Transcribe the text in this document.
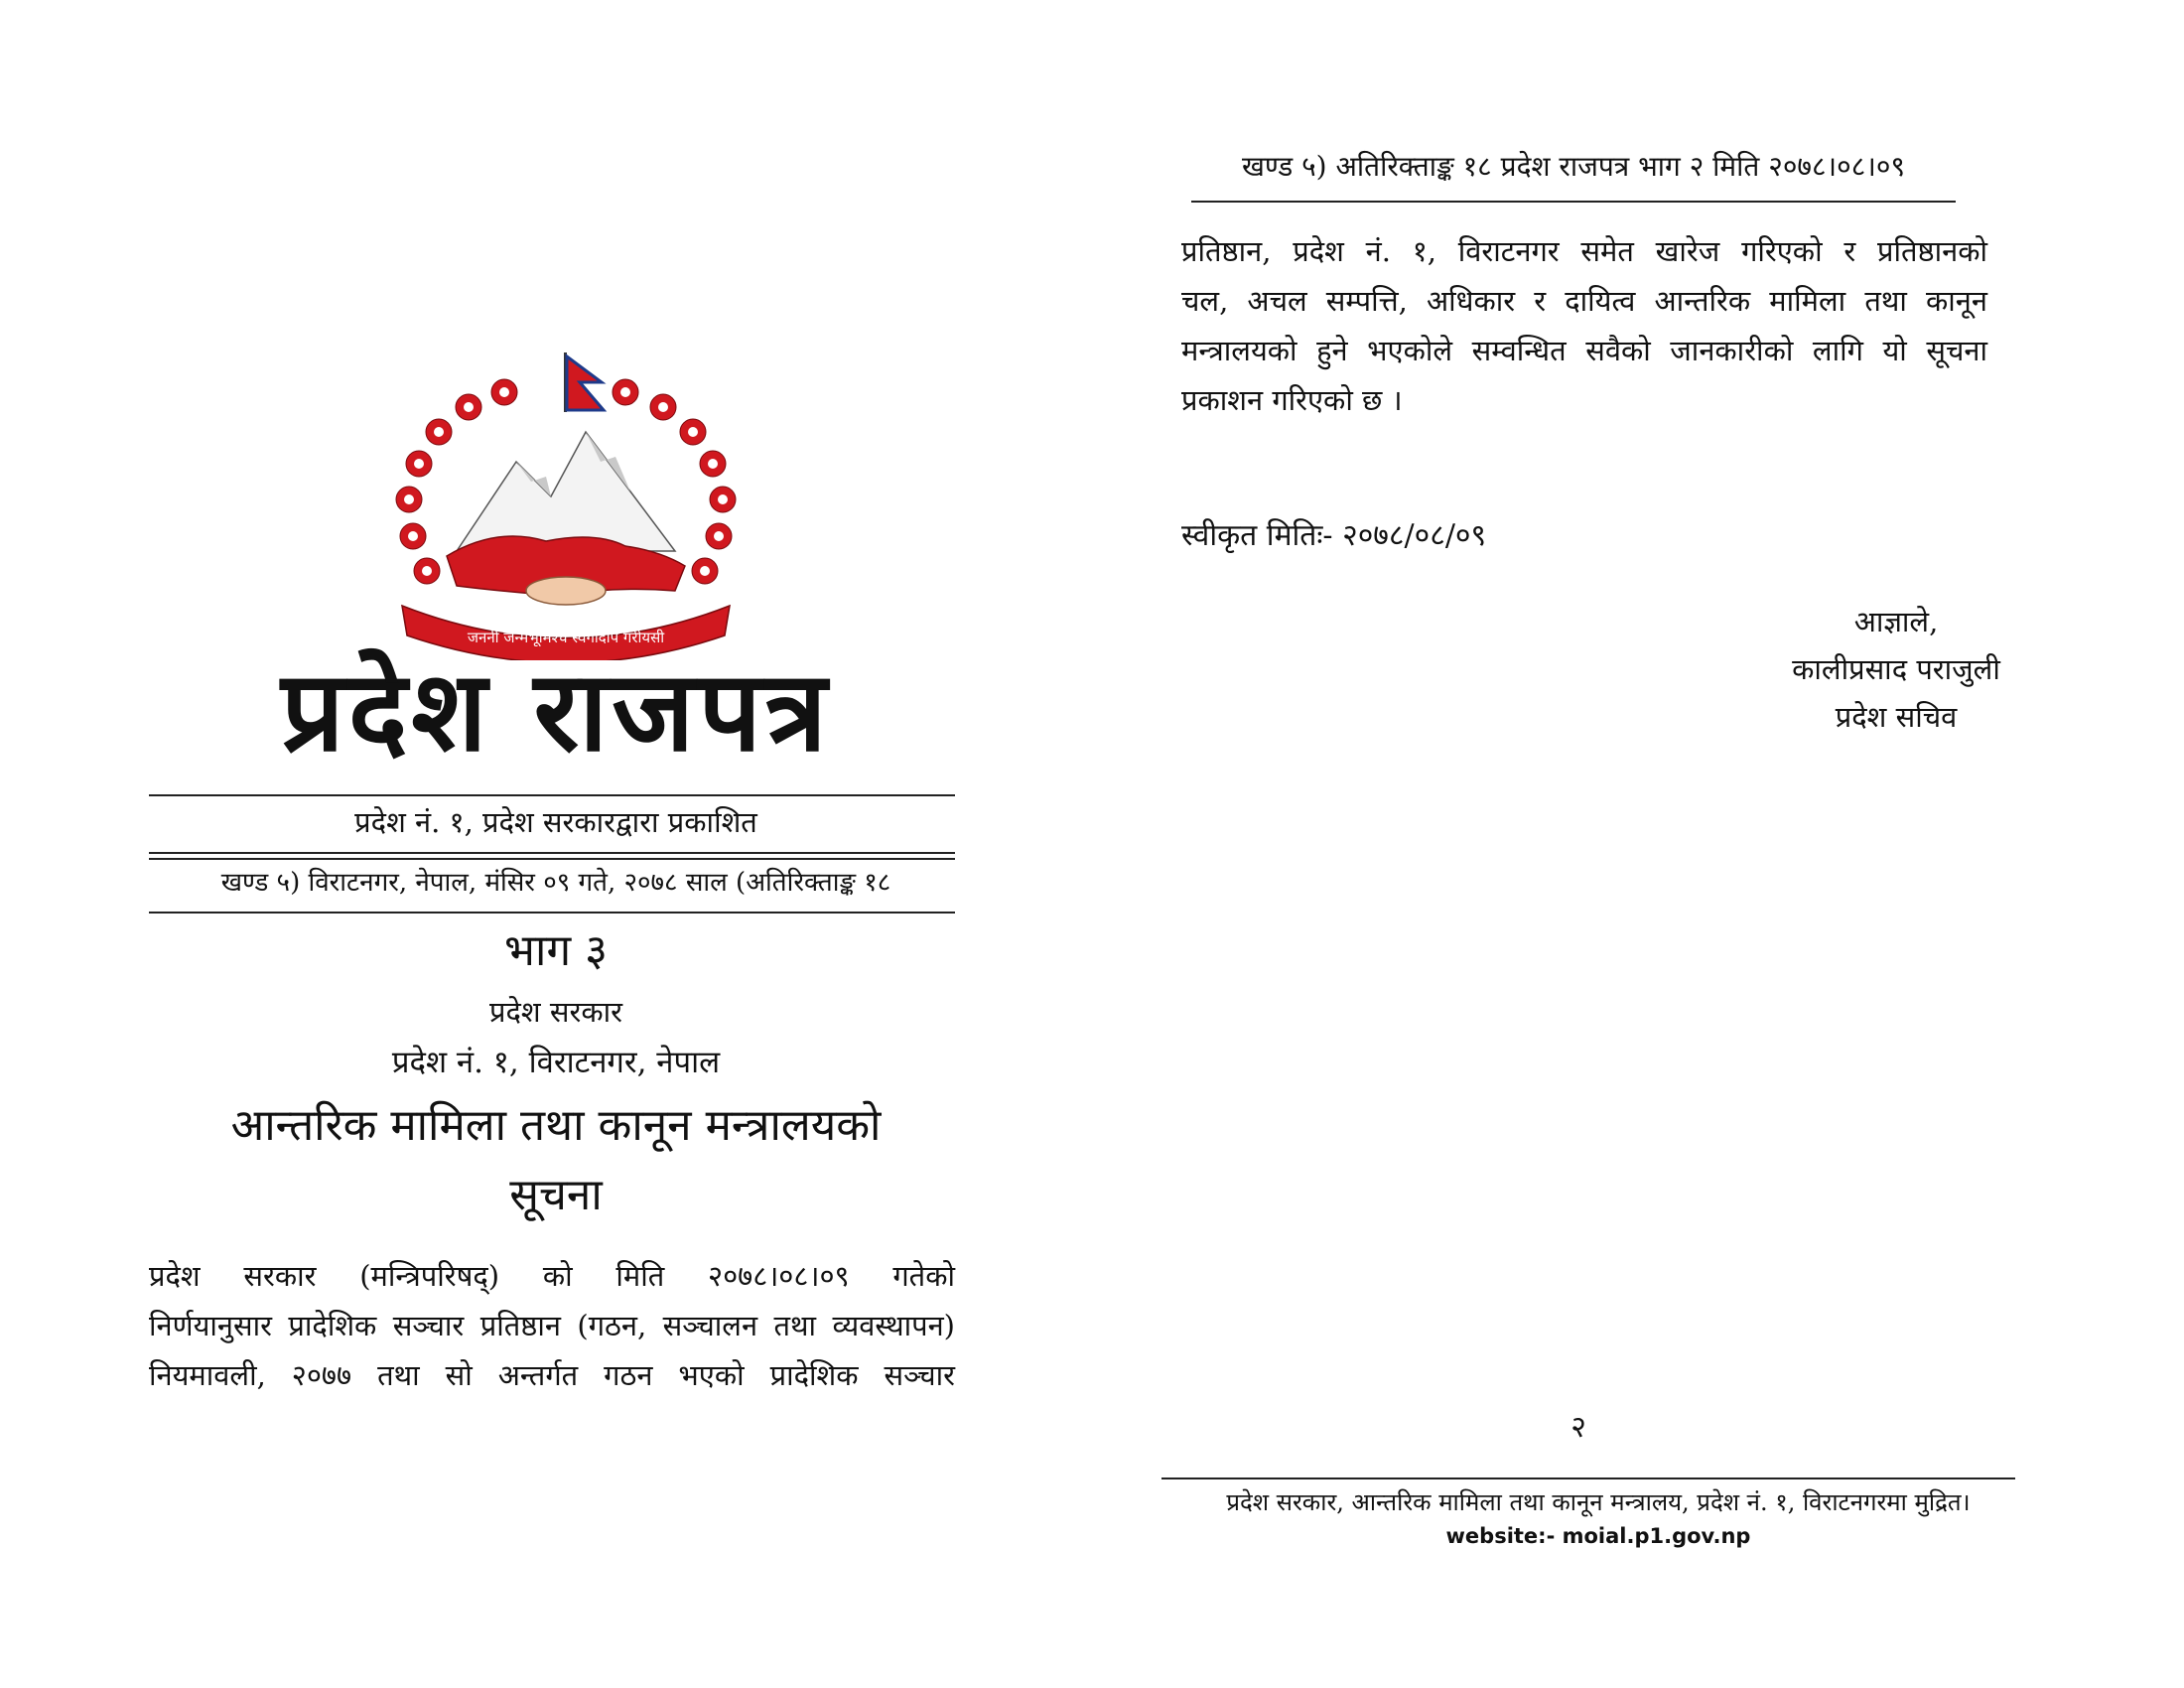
जननी जन्मभूमिश्च स्वर्गादपि गरीयसी
प्रदेश राजपत्र
प्रदेश नं. १, प्रदेश सरकारद्वारा प्रकाशित
खण्ड ५) विराटनगर, नेपाल, मंसिर ०९ गते, २०७८ साल (अतिरिक्ताङ्क १८
भाग ३
प्रदेश सरकार
प्रदेश नं. १, विराटनगर, नेपाल
आन्तरिक मामिला तथा कानून मन्त्रालयको
सूचना
प्रदेश सरकार (मन्त्रिपरिषद्) को मिति २०७८।०८।०९ गतेको
निर्णयानुसार प्रादेशिक सञ्चार प्रतिष्ठान (गठन, सञ्चालन तथा व्यवस्थापन)
नियमावली, २०७७ तथा सो अन्तर्गत गठन भएको प्रादेशिक सञ्चार
खण्ड ५) अतिरिक्ताङ्क १८ प्रदेश राजपत्र भाग २ मिति २०७८।०८।०९
प्रतिष्ठान, प्रदेश नं. १, विराटनगर समेत खारेज गरिएको र प्रतिष्ठानको
चल, अचल सम्पत्ति, अधिकार र दायित्व आन्तरिक मामिला तथा कानून
मन्त्रालयको हुने भएकोले सम्वन्धित सवैको जानकारीको लागि यो सूचना
प्रकाशन गरिएको छ ।
स्वीकृत मितिः- २०७८/०८/०९
आज्ञाले,
कालीप्रसाद पराजुली
प्रदेश सचिव
२
प्रदेश सरकार, आन्तरिक मामिला तथा कानून मन्त्रालय, प्रदेश नं. १, विराटनगरमा मुद्रित।
website:- moial.p1.gov.np
